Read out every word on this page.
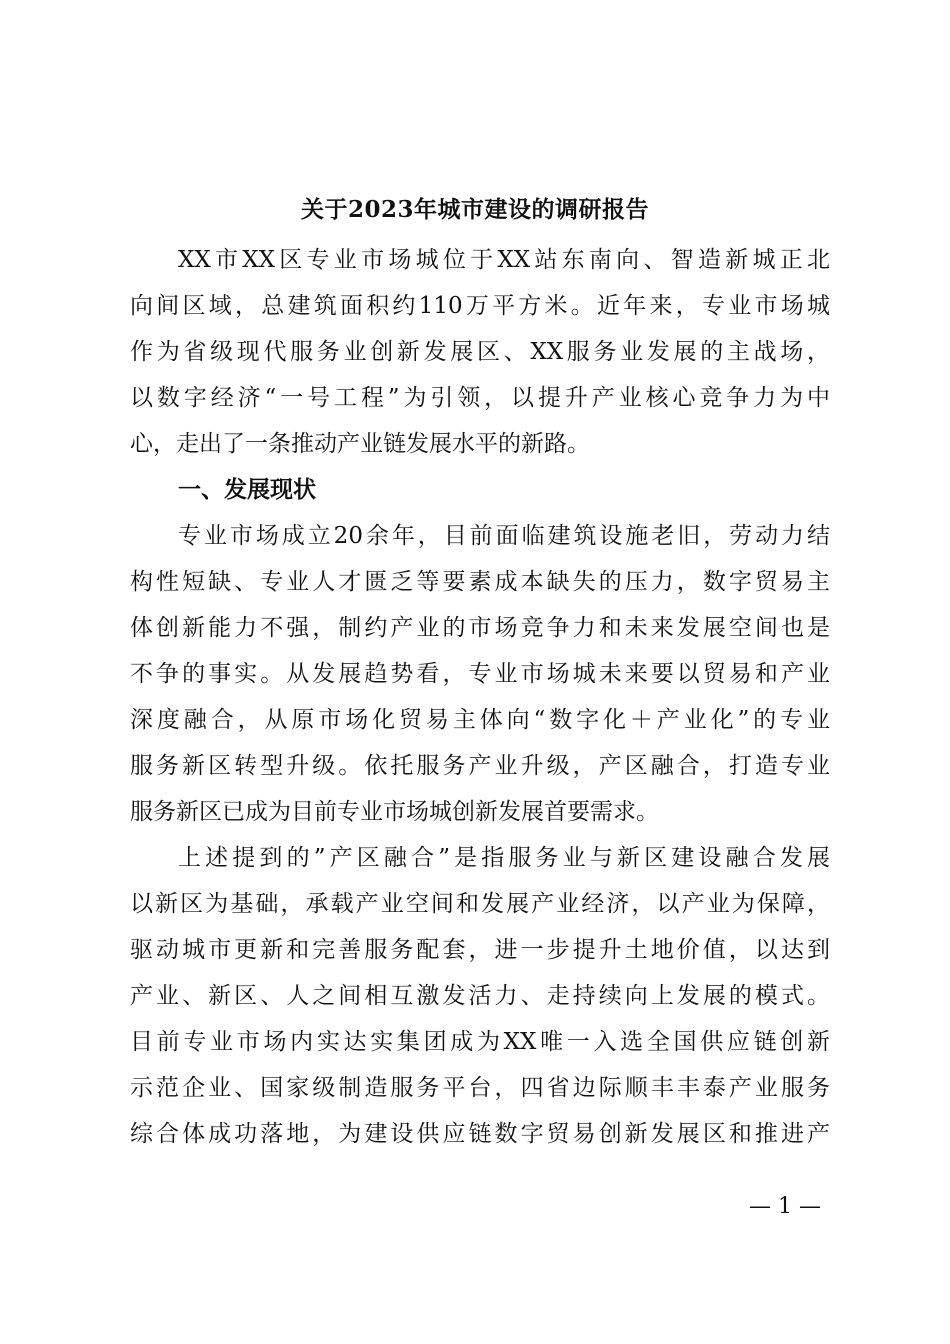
关于2023年城市建设的调研报告
XX市XX区专业市场城位于XX站东南向、智造新城正北
向间区域，总建筑面积约110万平方米。近年来，专业市场城
作为省级现代服务业创新发展区、XX服务业发展的主战场，
以数字经济“一号工程”为引领，以提升产业核心竞争力为中
心，走出了一条推动产业链发展水平的新路。
一、发展现状
专业市场成立20余年，目前面临建筑设施老旧，劳动力结
构性短缺、专业人才匮乏等要素成本缺失的压力，数字贸易主
体创新能力不强，制约产业的市场竞争力和未来发展空间也是
不争的事实。从发展趋势看，专业市场城未来要以贸易和产业
深度融合，从原市场化贸易主体向“数字化＋产业化”的专业
服务新区转型升级。依托服务产业升级，产区融合，打造专业
服务新区已成为目前专业市场城创新发展首要需求。
上述提到的”产区融合”是指服务业与新区建设融合发展
以新区为基础，承载产业空间和发展产业经济，以产业为保障，
驱动城市更新和完善服务配套，进一步提升土地价值，以达到
产业、新区、人之间相互激发活力、走持续向上发展的模式。
目前专业市场内实达实集团成为XX唯一入选全国供应链创新
示范企业、国家级制造服务平台，四省边际顺丰丰泰产业服务
综合体成功落地，为建设供应链数字贸易创新发展区和推进产
— 1 —
